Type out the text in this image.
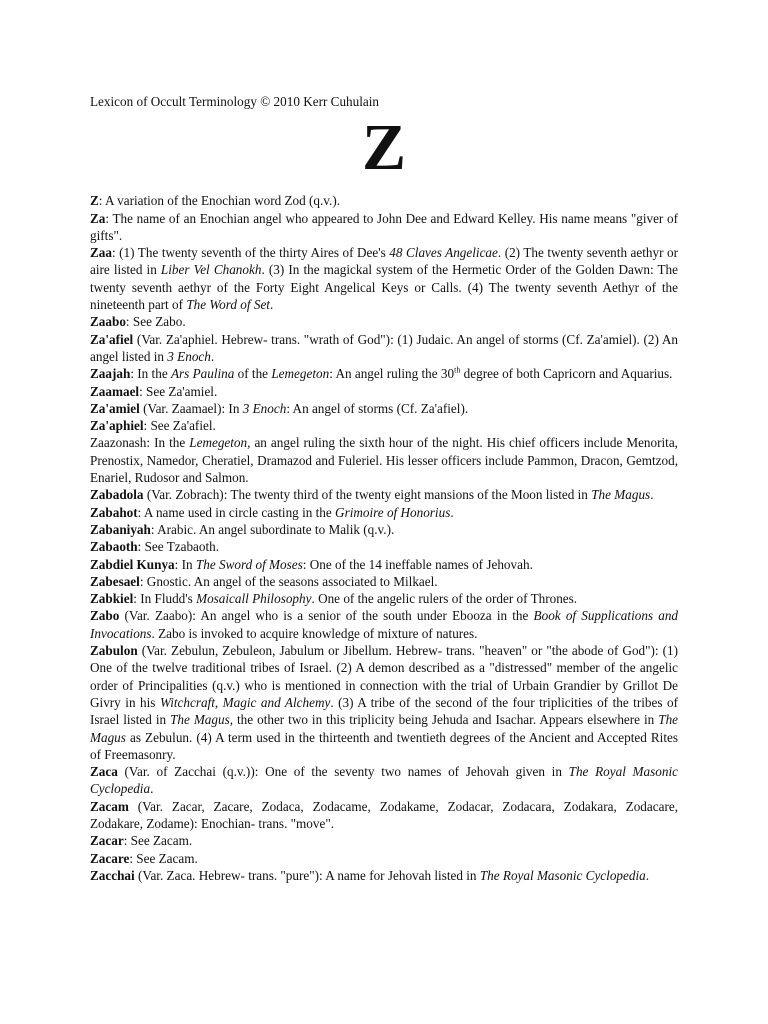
Lexicon of Occult Terminology © 2010 Kerr Cuhulain
Z

Z: A variation of the Enochian word Zod (q.v.).

Za: The name of an Enochian angel who appeared to John Dee and Edward Kelley. His name means "giver of gifts".

Zaa: (1) The twenty seventh of the thirty Aires of Dee's 48 Claves Angelicae. (2) The twenty seventh aethyr or aire listed in Liber Vel Chanokh. (3) In the magickal system of the Hermetic Order of the Golden Dawn: The twenty seventh aethyr of the Forty Eight Angelical Keys or Calls. (4) The twenty seventh Aethyr of the nineteenth part of The Word of Set.

Zaabo: See Zabo.

Za'afiel (Var. Za'aphiel. Hebrew- trans. "wrath of God"): (1) Judaic. An angel of storms (Cf. Za'amiel). (2) An angel listed in 3 Enoch.

Zaajah: In the Ars Paulina of the Lemegeton: An angel ruling the 30th degree of both Capricorn and Aquarius.

Zaamael: See Za'amiel.

Za'amiel (Var. Zaamael): In 3 Enoch: An angel of storms (Cf. Za'afiel).

Za'aphiel: See Za'afiel.

Zaazonash: In the Lemegeton, an angel ruling the sixth hour of the night. His chief officers include Menorita, Prenostix, Namedor, Cheratiel, Dramazod and Fuleriel. His lesser officers include Pammon, Dracon, Gemtzod, Enariel, Rudosor and Salmon.

Zabadola (Var. Zobrach): The twenty third of the twenty eight mansions of the Moon listed in The Magus.

Zabahot: A name used in circle casting in the Grimoire of Honorius.

Zabaniyah: Arabic. An angel subordinate to Malik (q.v.).

Zabaoth: See Tzabaoth.

Zabdiel Kunya: In The Sword of Moses: One of the 14 ineffable names of Jehovah.

Zabesael: Gnostic. An angel of the seasons associated to Milkael.

Zabkiel: In Fludd's Mosaicall Philosophy. One of the angelic rulers of the order of Thrones.

Zabo (Var. Zaabo): An angel who is a senior of the south under Ebooza in the Book of Supplications and Invocations. Zabo is invoked to acquire knowledge of mixture of natures.

Zabulon (Var. Zebulun, Zebuleon, Jabulum or Jibellum. Hebrew- trans. "heaven" or "the abode of God"): (1) One of the twelve traditional tribes of Israel. (2) A demon described as a "distressed" member of the angelic order of Principalities (q.v.) who is mentioned in connection with the trial of Urbain Grandier by Grillot De Givry in his Witchcraft, Magic and Alchemy. (3) A tribe of the second of the four triplicities of the tribes of Israel listed in The Magus, the other two in this triplicity being Jehuda and Isachar. Appears elsewhere in The Magus as Zebulun. (4) A term used in the thirteenth and twentieth degrees of the Ancient and Accepted Rites of Freemasonry.

Zaca (Var. of Zacchai (q.v.)): One of the seventy two names of Jehovah given in The Royal Masonic Cyclopedia.

Zacam (Var. Zacar, Zacare, Zodaca, Zodacame, Zodakame, Zodacar, Zodacara, Zodakara, Zodacare, Zodakare, Zodame): Enochian- trans. "move".

Zacar: See Zacam.

Zacare: See Zacam.

Zacchai (Var. Zaca. Hebrew- trans. "pure"): A name for Jehovah listed in The Royal Masonic Cyclopedia.
